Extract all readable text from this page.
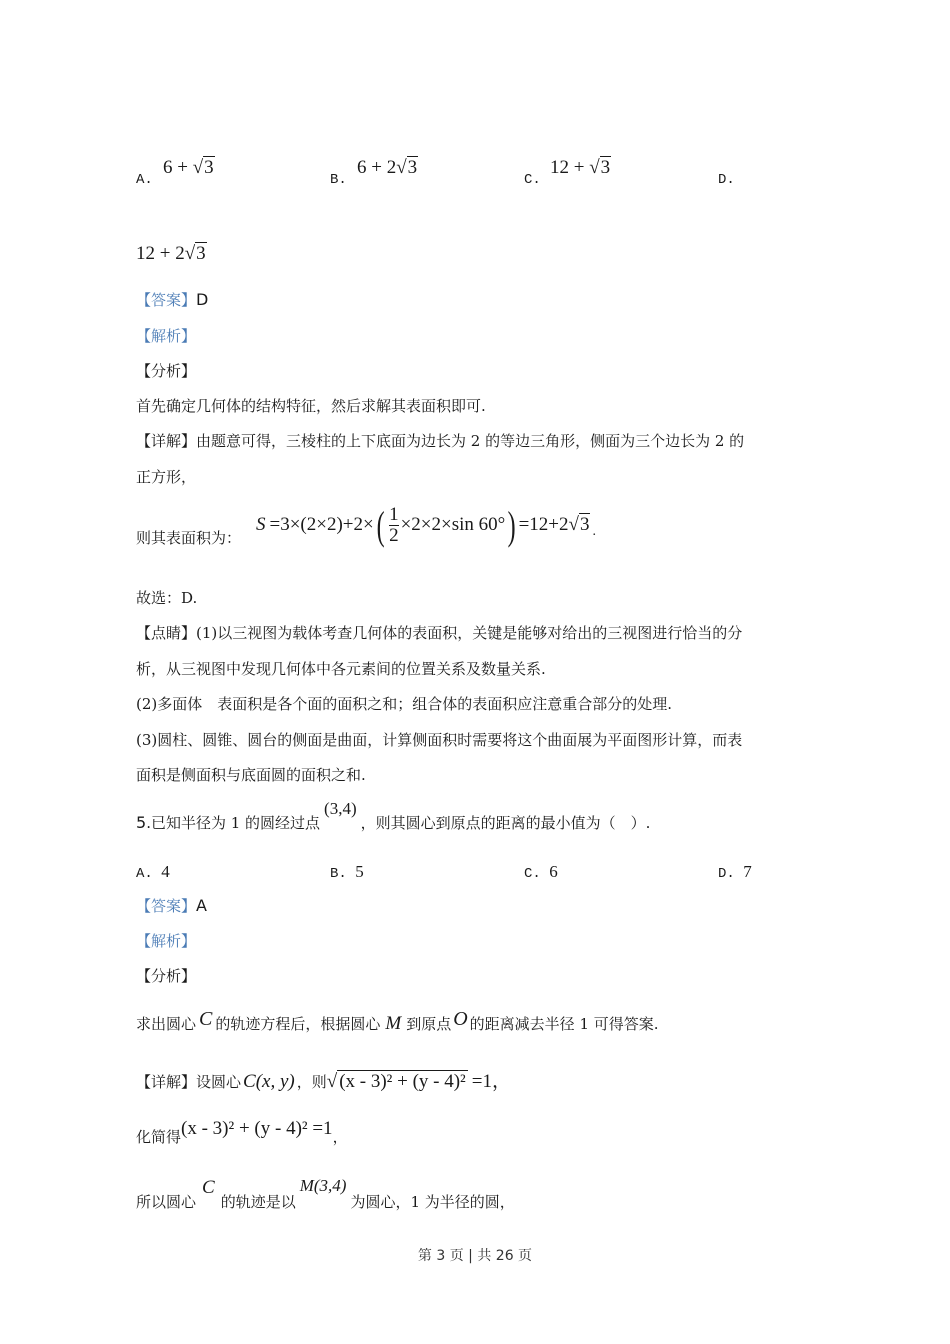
A.
6 + √3
B.
6 + 2√3
C.
12 + √3
D.
12 + 2√3
【答案】D
【解析】
【分析】
首先确定几何体的结构特征，然后求解其表面积即可.
【详解】由题意可得，三棱柱的上下底面为边长为 2 的等边三角形，侧面为三个边长为 2 的
正方形，
则其表面积为：
S =3×(2×2)+2× ( $\frac{1}{2} \times 2\times 2\times\sin$ 60° ) =12+2 √3 .
故选：D.
【点睛】(1)以三视图为载体考查几何体的表面积，关键是能够对给出的三视图进行恰当的分
析，从三视图中发现几何体中各元素间的位置关系及数量关系.
(2)多面体　表面积是各个面的面积之和；组合体的表面积应注意重合部分的处理.
(3)圆柱、圆锥、圆台的侧面是曲面，计算侧面积时需要将这个曲面展为平面图形计算，而表
面积是侧面积与底面圆的面积之和.
5.已知半径为 1 的圆经过点(3,4)，则其圆心到原点的距离的最小值为（　）.
A. 4	B. 5	C. 6	D. 7
【答案】A
【解析】
【分析】
求出圆心 C 的轨迹方程后，根据圆心 M 到原点 O 的距离减去半径 1 可得答案.
【详解】 设圆心 C(x, y) ，则 √ (x - 3)² + (y - 4)² =1，
化简得 (x - 3)² + (y - 4)² =1 ，
所以圆心
C
的轨迹是以
M(3,4)
为圆心，1 为半径的圆，
第 3 页 | 共 26 页
